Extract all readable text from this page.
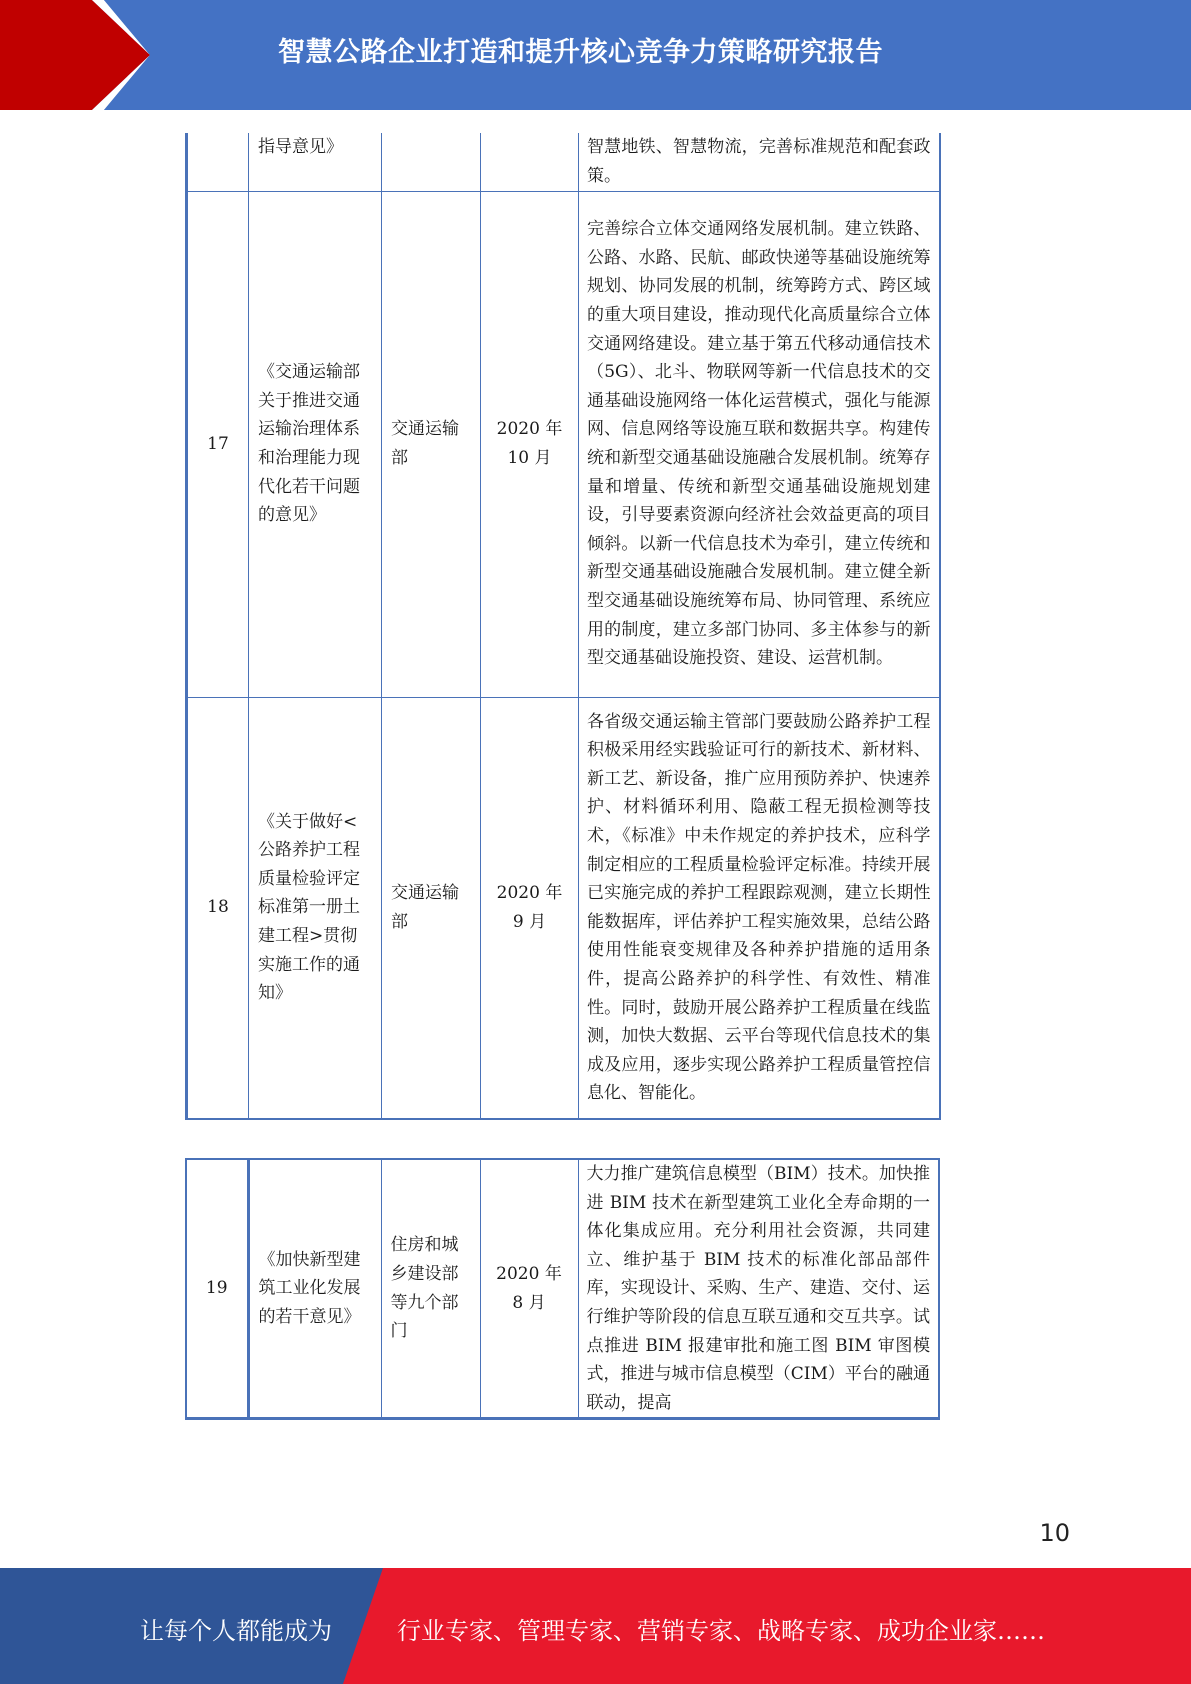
智慧公路企业打造和提升核心竞争力策略研究报告
	指导意见》			智慧地铁、智慧物流，完善标准规范和配套政策。
17	《交通运输部关于推进交通运输治理体系和治理能力现代化若干问题的意见》	交通运输部	2020 年 10 月	完善综合立体交通网络发展机制。建立铁路、公路、水路、民航、邮政快递等基础设施统筹规划、协同发展的机制，统筹跨方式、跨区域的重大项目建设，推动现代化高质量综合立体交通网络建设。建立基于第五代移动通信技术（5G）、北斗、物联网等新一代信息技术的交通基础设施网络一体化运营模式，强化与能源网、信息网络等设施互联和数据共享。构建传统和新型交通基础设施融合发展机制。统筹存量和增量、传统和新型交通基础设施规划建设，引导要素资源向经济社会效益更高的项目倾斜。以新一代信息技术为牵引，建立传统和新型交通基础设施融合发展机制。建立健全新型交通基础设施统筹布局、协同管理、系统应用的制度，建立多部门协同、多主体参与的新型交通基础设施投资、建设、运营机制。
18	《关于做好<公路养护工程质量检验评定标准第一册土建工程>贯彻实施工作的通知》	交通运输部	2020 年 9 月	各省级交通运输主管部门要鼓励公路养护工程积极采用经实践验证可行的新技术、新材料、新工艺、新设备，推广应用预防养护、快速养护、材料循环利用、隐蔽工程无损检测等技术，《标准》中未作规定的养护技术，应科学制定相应的工程质量检验评定标准。持续开展已实施完成的养护工程跟踪观测，建立长期性能数据库，评估养护工程实施效果，总结公路使用性能衰变规律及各种养护措施的适用条件，提高公路养护的科学性、有效性、精准性。同时，鼓励开展公路养护工程质量在线监测，加快大数据、云平台等现代信息技术的集成及应用，逐步实现公路养护工程质量管控信息化、智能化。
19	《加快新型建筑工业化发展的若干意见》	住房和城乡建设部等九个部门	2020 年 8 月	大力推广建筑信息模型（BIM）技术。加快推进 BIM 技术在新型建筑工业化全寿命期的一体化集成应用。充分利用社会资源，共同建立、维护基于 BIM 技术的标准化部品部件库，实现设计、采购、生产、建造、交付、运行维护等阶段的信息互联互通和交互共享。试点推进 BIM 报建审批和施工图 BIM 审图模式，推进与城市信息模型（CIM）平台的融通联动，提高
10
让每个人都能成为	行业专家、管理专家、营销专家、战略专家、成功企业家……
